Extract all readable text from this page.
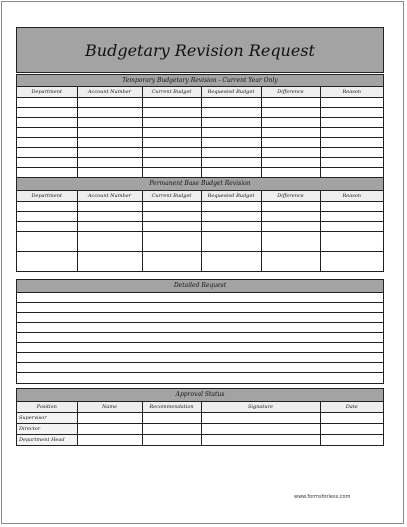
Budgetary Revision Request
Temporary Budgetary Revision - Current Year Only
Department	Account Number	Current Budget	Requested Budget	Difference	Reason

Permanent Base Budget Revision
Department	Account Number	Current Budget	Requested Budget	Difference	Reason

Detailed Request
Approval Status
Position	Name	Recommendation	Signature	Date
Supervisor				
Director				
Department Head				
www.formsforless.com
